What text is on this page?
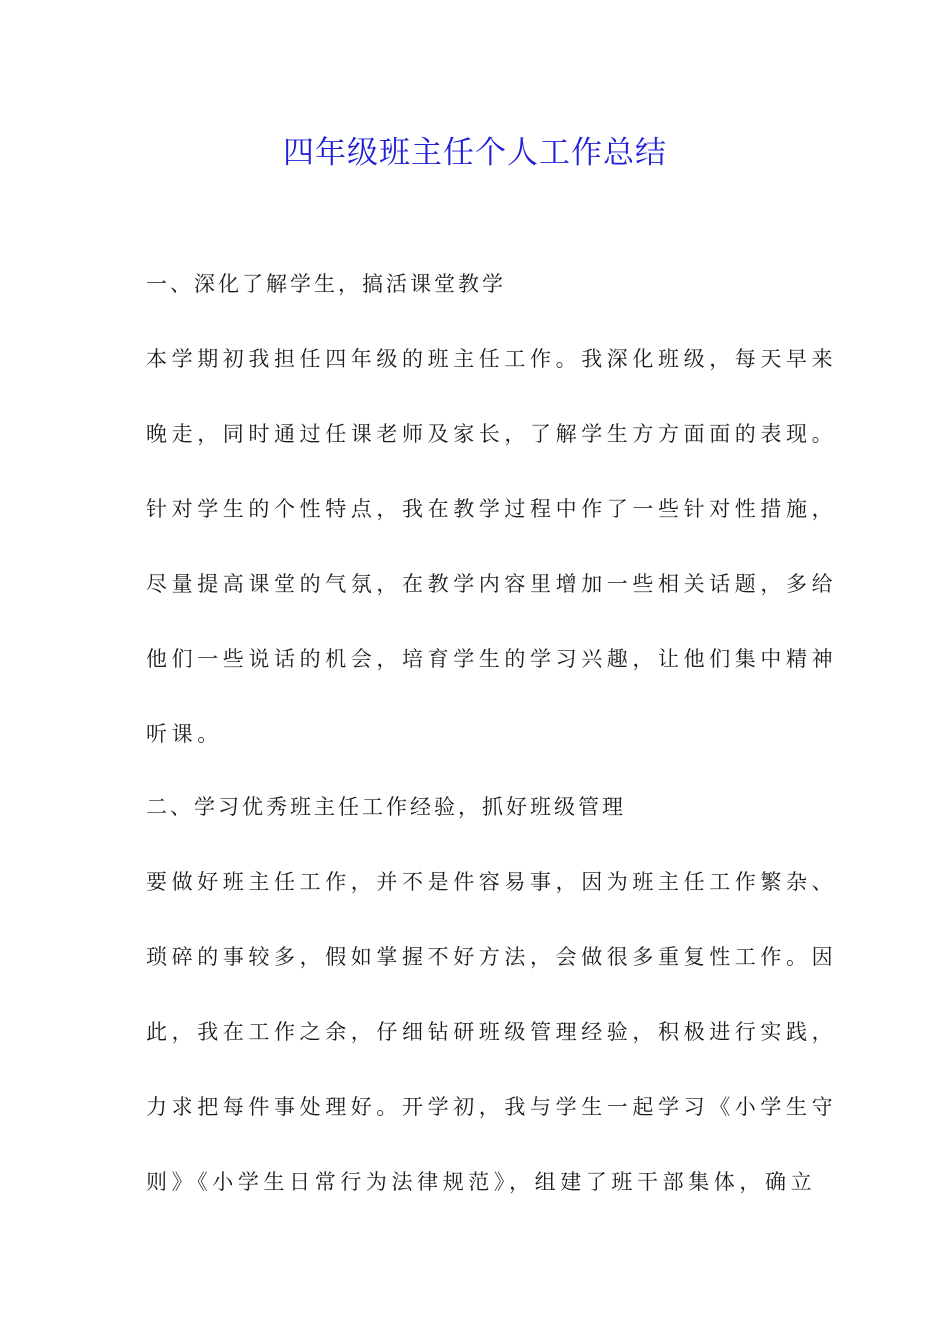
四年级班主任个人工作总结
一、深化了解学生，搞活课堂教学
本学期初我担任四年级的班主任工作。我深化班级，每天早来
晚走，同时通过任课老师及家长，了解学生方方面面的表现。
针对学生的个性特点，我在教学过程中作了一些针对性措施，
尽量提高课堂的气氛，在教学内容里增加一些相关话题，多给
他们一些说话的机会，培育学生的学习兴趣，让他们集中精神
听课。
二、学习优秀班主任工作经验，抓好班级管理
要做好班主任工作，并不是件容易事，因为班主任工作繁杂、
琐碎的事较多，假如掌握不好方法，会做很多重复性工作。因
此，我在工作之余，仔细钻研班级管理经验，积极进行实践，
力求把每件事处理好。开学初，我与学生一起学习《小学生守
则》《小学生日常行为法律规范》，组建了班干部集体，确立
